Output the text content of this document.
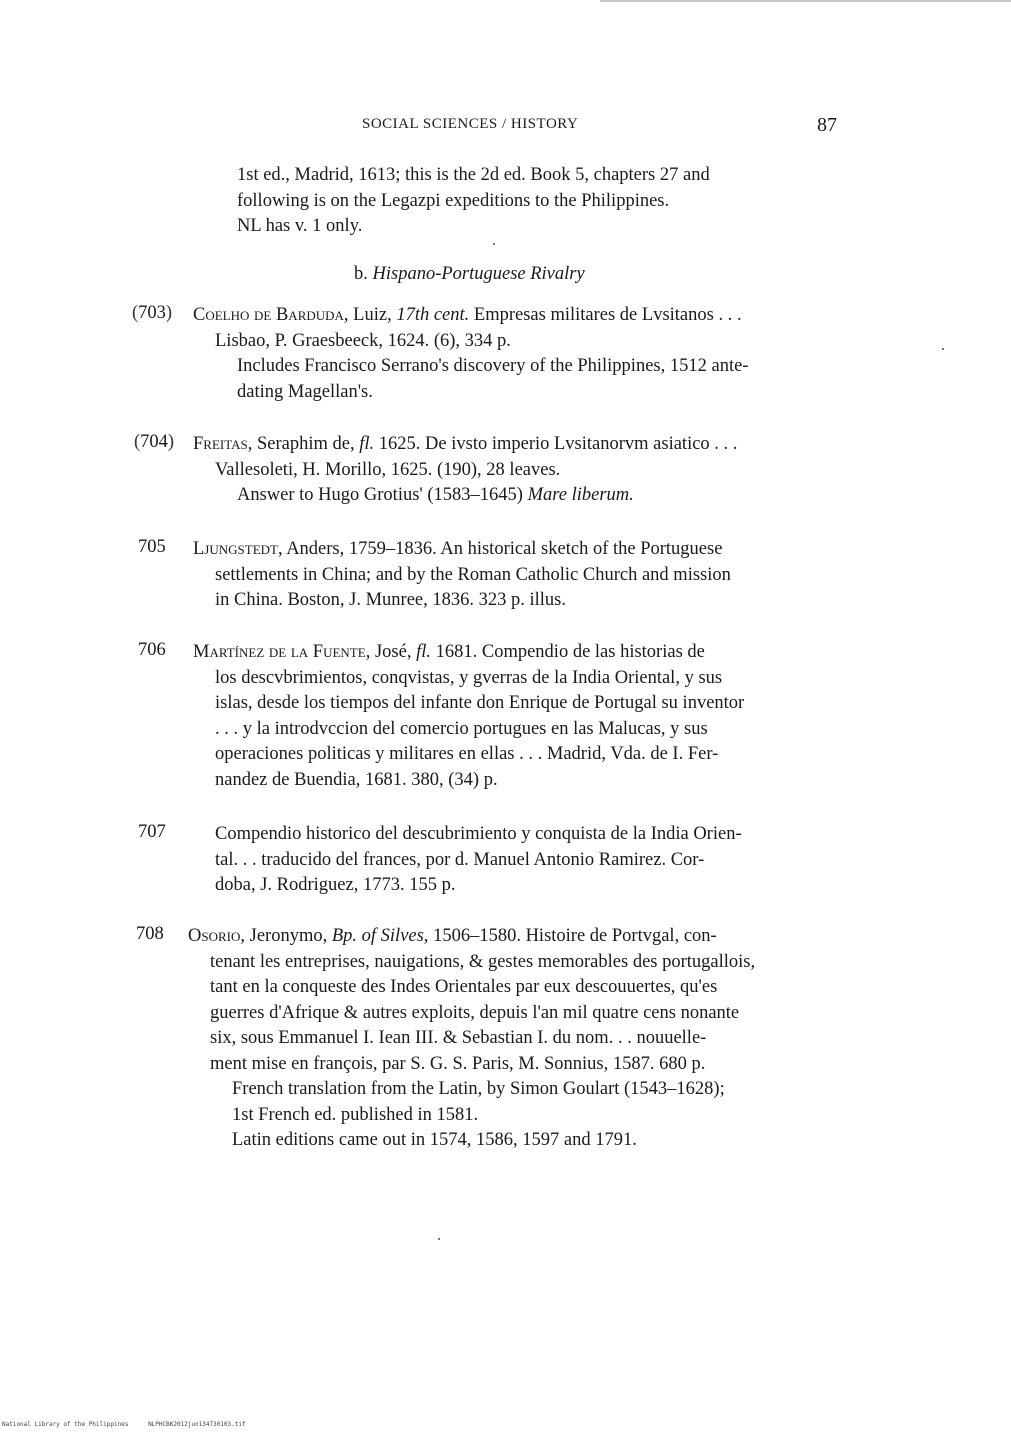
SOCIAL SCIENCES / HISTORY	87

1st ed., Madrid, 1613; this is the 2d ed. Book 5, chapters 27 and

following is on the Legazpi expeditions to the Philippines.

NL has v. 1 only.

b. Hispano-Portuguese Rivalry
(703) Coelho de Barduda, Luiz, 17th cent. Empresas militares de Lvsitanos . . .

Lisbao, P. Graesbeeck, 1624. (6), 334 p.

Includes Francisco Serrano's discovery of the Philippines, 1512 ante-

dating Magellan's.

(704) Freitas, Seraphim de, fl. 1625. De ivsto imperio Lvsitanorvm asiatico . . .

Vallesoleti, H. Morillo, 1625. (190), 28 leaves.

Answer to Hugo Grotius' (1583–1645) Mare liberum.

705 Ljungstedt, Anders, 1759–1836. An historical sketch of the Portuguese

settlements in China; and by the Roman Catholic Church and mission

in China. Boston, J. Munree, 1836. 323 p. illus.

706 Martínez de la Fuente, José, fl. 1681. Compendio de las historias de

los descvbrimientos, conqvistas, y gverras de la India Oriental, y sus

islas, desde los tiempos del infante don Enrique de Portugal su inventor

. . . y la introdvccion del comercio portugues en las Malucas, y sus

operaciones politicas y militares en ellas . . . Madrid, Vda. de I. Fer-

nandez de Buendia, 1681. 380, (34) p.

707	Compendio historico del descubrimiento y conquista de la India Orien-

tal. . . traducido del frances, por d. Manuel Antonio Ramirez. Cor-

doba, J. Rodriguez, 1773. 155 p.

708 Osorio, Jeronymo, Bp. of Silves, 1506–1580. Histoire de Portvgal, con-

tenant les entreprises, nauigations, & gestes memorables des portugallois,

tant en la conqueste des Indes Orientales par eux descouuertes, qu'es

guerres d'Afrique & autres exploits, depuis l'an mil quatre cens nonante

six, sous Emmanuel I. Iean III. & Sebastian I. du nom. . . nouuelle-

ment mise en françois, par S. G. S. Paris, M. Sonnius, 1587. 680 p.

French translation from the Latin, by Simon Goulart (1543–1628);

1st French ed. published in 1581.

Latin editions came out in 1574, 1586, 1597 and 1791.

National Library of the Philippines	NLPHCBK2012jun134730103.tif
